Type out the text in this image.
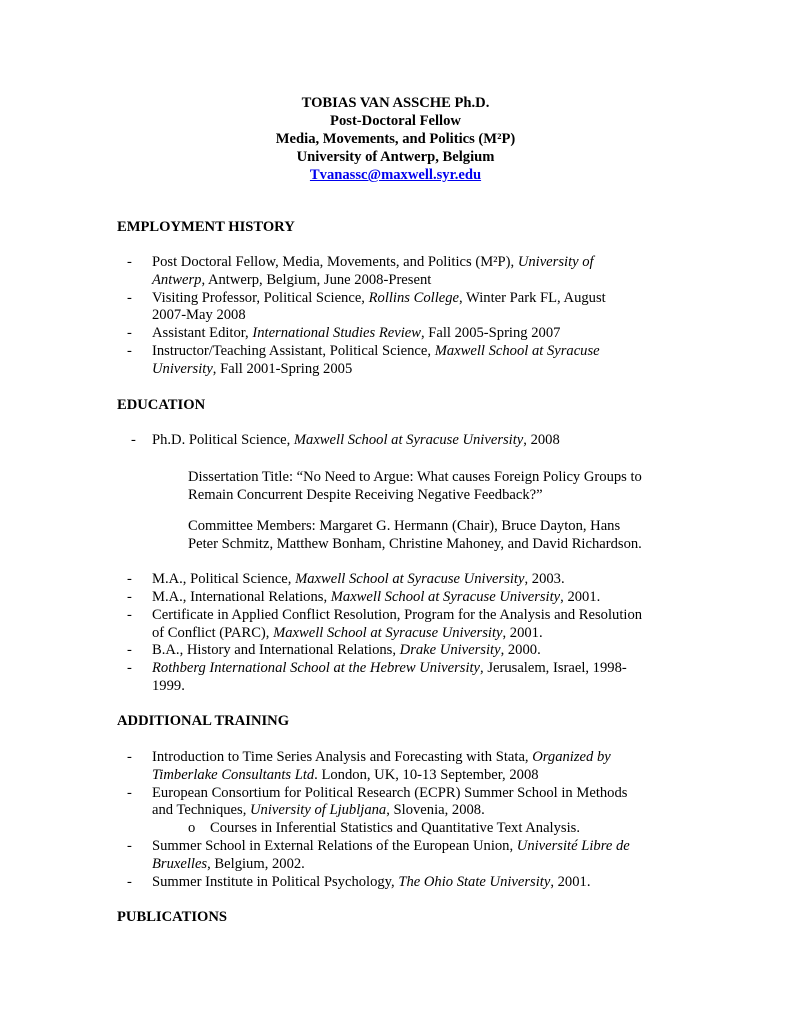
TOBIAS VAN ASSCHE Ph.D.
Post-Doctoral Fellow
Media, Movements, and Politics (M²P)
University of Antwerp, Belgium
Tvanassc@maxwell.syr.edu
EMPLOYMENT HISTORY
- Post Doctoral Fellow, Media, Movements, and Politics (M²P), University of
Antwerp, Antwerp, Belgium, June 2008-Present
- Visiting Professor, Political Science, Rollins College, Winter Park FL, August
2007-May 2008
- Assistant Editor, International Studies Review, Fall 2005-Spring 2007
- Instructor/Teaching Assistant, Political Science, Maxwell School at Syracuse
University, Fall 2001-Spring 2005
EDUCATION
- Ph.D. Political Science, Maxwell School at Syracuse University, 2008
Dissertation Title: “No Need to Argue: What causes Foreign Policy Groups to
Remain Concurrent Despite Receiving Negative Feedback?”
Committee Members: Margaret G. Hermann (Chair), Bruce Dayton, Hans
Peter Schmitz, Matthew Bonham, Christine Mahoney, and David Richardson.
- M.A., Political Science, Maxwell School at Syracuse University, 2003.
- M.A., International Relations, Maxwell School at Syracuse University, 2001.
- Certificate in Applied Conflict Resolution, Program for the Analysis and Resolution
of Conflict (PARC), Maxwell School at Syracuse University, 2001.
- B.A., History and International Relations, Drake University, 2000.
- Rothberg International School at the Hebrew University, Jerusalem, Israel, 1998-
1999.
ADDITIONAL TRAINING
- Introduction to Time Series Analysis and Forecasting with Stata, Organized by
Timberlake Consultants Ltd. London, UK, 10-13 September, 2008
- European Consortium for Political Research (ECPR) Summer School in Methods
and Techniques, University of Ljubljana, Slovenia, 2008.
o Courses in Inferential Statistics and Quantitative Text Analysis.
- Summer School in External Relations of the European Union, Université Libre de
Bruxelles, Belgium, 2002.
- Summer Institute in Political Psychology, The Ohio State University, 2001.
PUBLICATIONS
